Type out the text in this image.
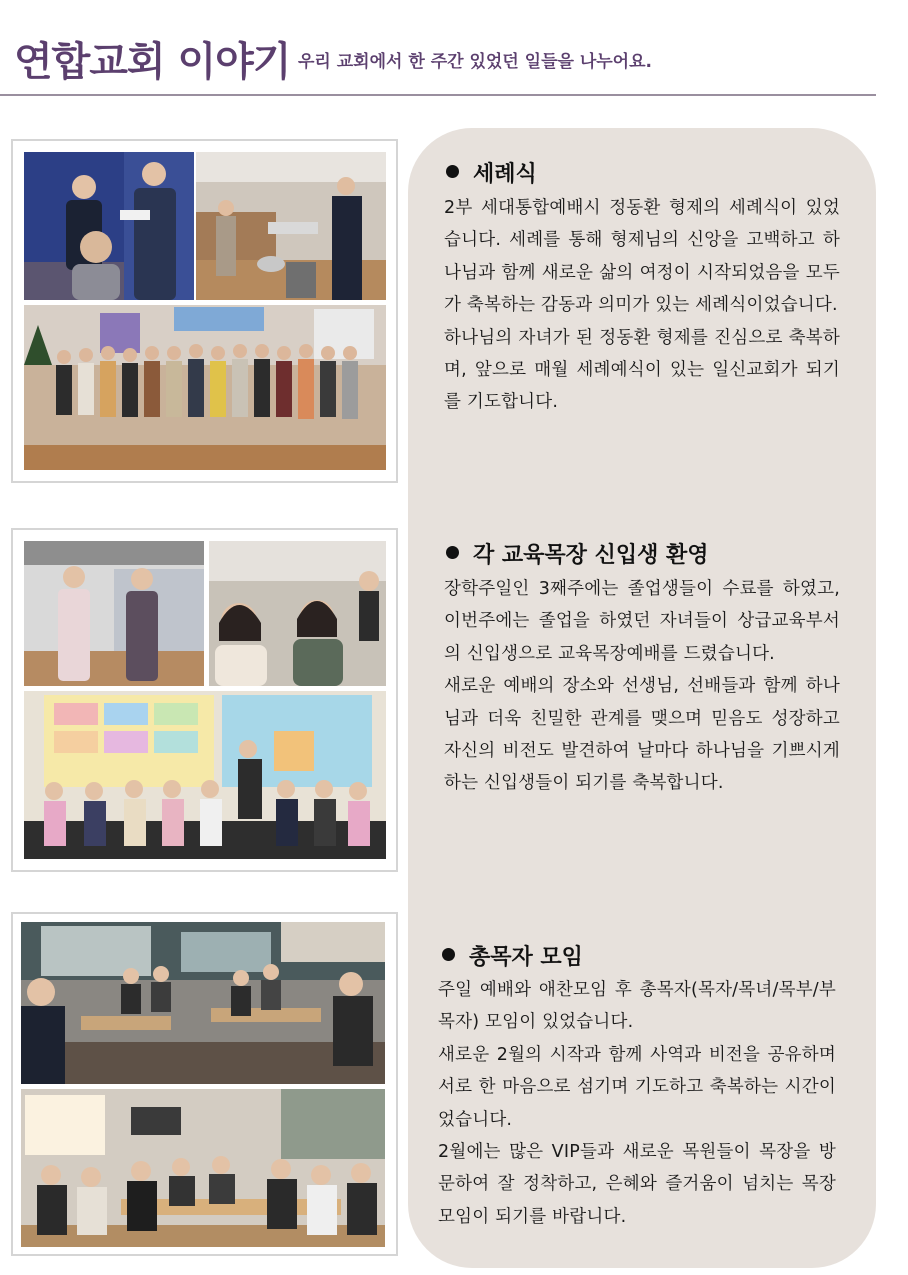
연합교회 이야기 우리 교회에서 한 주간 있었던 일들을 나누어요.
세례식

2부 세대통합예배시 정동환 형제의 세례식이 있었습니다. 세례를 통해 형제님의 신앙을 고백하고 하나님과 함께 새로운 삶의 여정이 시작되었음을 모두가 축복하는 감동과 의미가 있는 세례식이었습니다.

하나님의 자녀가 된 정동환 형제를 진심으로 축복하며, 앞으로 매월 세례예식이 있는 일신교회가 되기를 기도합니다.

각 교육목장 신입생 환영

장학주일인 3째주에는 졸업생들이 수료를 하였고, 이번주에는 졸업을 하였던 자녀들이 상급교육부서의 신입생으로 교육목장예배를 드렸습니다.

새로운 예배의 장소와 선생님, 선배들과 함께 하나님과 더욱 친밀한 관계를 맺으며 믿음도 성장하고 자신의 비전도 발견하여 날마다 하나님을 기쁘시게 하는 신입생들이 되기를 축복합니다.

총목자 모임

주일 예배와 애찬모임 후 총목자(목자/목녀/목부/부목자) 모임이 있었습니다.

새로운 2월의 시작과 함께 사역과 비전을 공유하며 서로 한 마음으로 섬기며 기도하고 축복하는 시간이었습니다.

2월에는 많은 VIP들과 새로운 목원들이 목장을 방문하여 잘 정착하고, 은혜와 즐거움이 넘치는 목장모임이 되기를 바랍니다.
